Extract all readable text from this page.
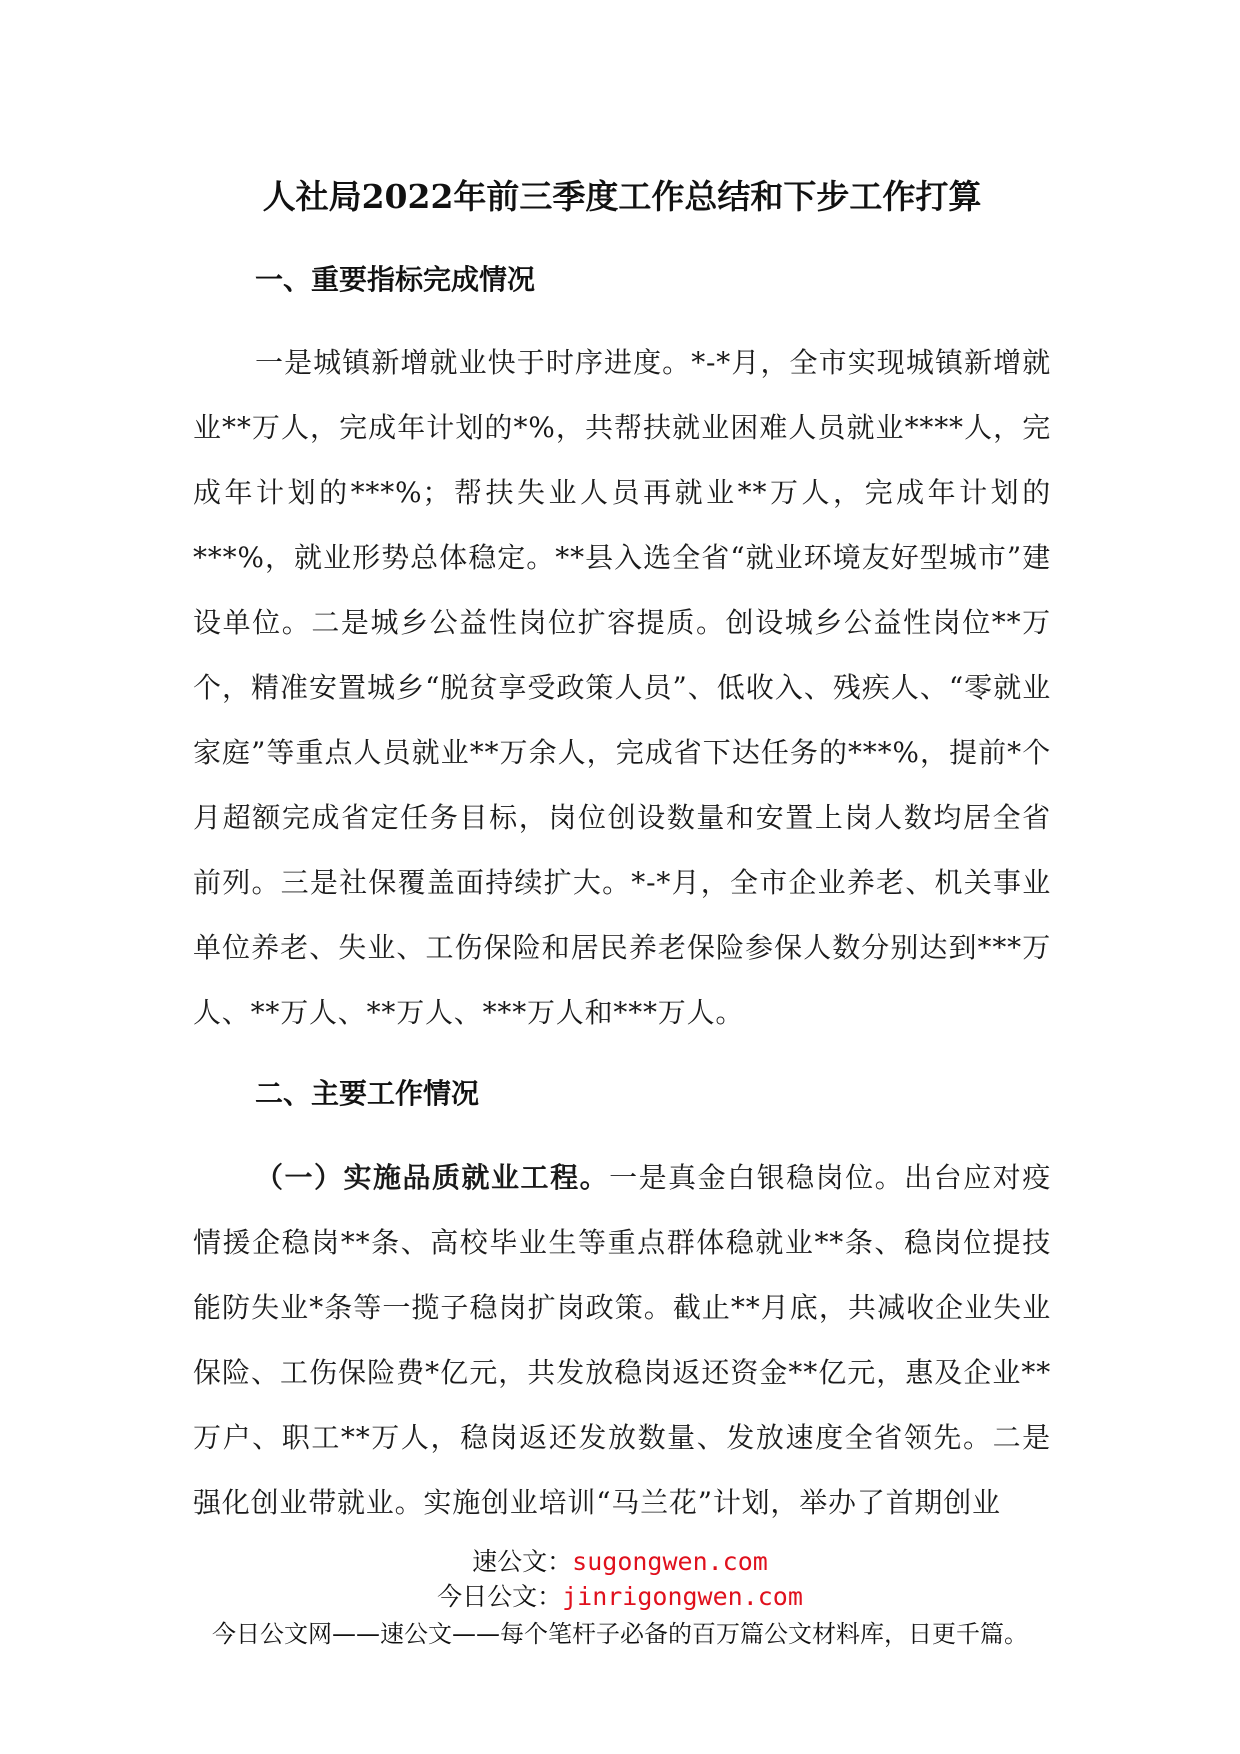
人社局2022年前三季度工作总结和下步工作打算
一、重要指标完成情况

一是城镇新增就业快于时序进度。*-*月，全市实现城镇新增就业**万人，完成年计划的*%，共帮扶就业困难人员就业****人，完成年计划的***%；帮扶失业人员再就业**万人，完成年计划的***%，就业形势总体稳定。**县入选全省“就业环境友好型城市”建设单位。二是城乡公益性岗位扩容提质。创设城乡公益性岗位**万个，精准安置城乡“脱贫享受政策人员”、低收入、残疾人、“零就业家庭”等重点人员就业**万余人，完成省下达任务的***%，提前*个月超额完成省定任务目标，岗位创设数量和安置上岗人数均居全省前列。三是社保覆盖面持续扩大。*-*月，全市企业养老、机关事业单位养老、失业、工伤保险和居民养老保险参保人数分别达到***万人、**万人、**万人、***万人和***万人。

二、主要工作情况

（一）实施品质就业工程。一是真金白银稳岗位。出台应对疫情援企稳岗**条、高校毕业生等重点群体稳就业**条、稳岗位提技能防失业*条等一揽子稳岗扩岗政策。截止**月底，共减收企业失业保险、工伤保险费*亿元，共发放稳岗返还资金**亿元，惠及企业**万户、职工**万人，稳岗返还发放数量、发放速度全省领先。二是强化创业带就业。实施创业培训“马兰花”计划，举办了首期创业

速公文：sugongwen.com
今日公文：jinrigongwen.com
今日公文网——速公文——每个笔杆子必备的百万篇公文材料库，日更千篇。
